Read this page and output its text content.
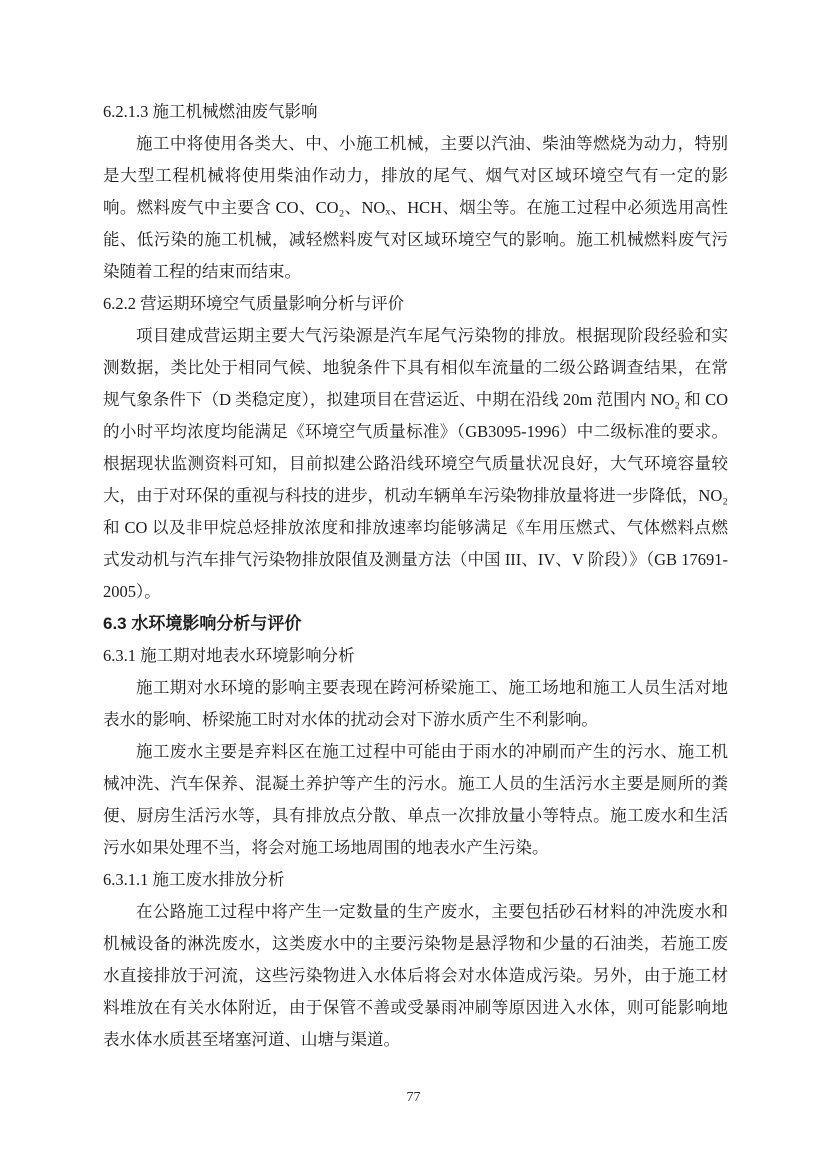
6.2.1.3 施工机械燃油废气影响

施工中将使用各类大、中、小施工机械，主要以汽油、柴油等燃烧为动力，特别是大型工程机械将使用柴油作动力，排放的尾气、烟气对区域环境空气有一定的影响。燃料废气中主要含 CO、CO₂、NOₓ、HCH、烟尘等。在施工过程中必须选用高性能、低污染的施工机械，减轻燃料废气对区域环境空气的影响。施工机械燃料废气污染随着工程的结束而结束。

6.2.2 营运期环境空气质量影响分析与评价

项目建成营运期主要大气污染源是汽车尾气污染物的排放。根据现阶段经验和实测数据，类比处于相同气候、地貌条件下具有相似车流量的二级公路调查结果，在常规气象条件下（D 类稳定度），拟建项目在营运近、中期在沿线 20m 范围内 NO₂ 和 CO 的小时平均浓度均能满足《环境空气质量标准》（GB3095-1996）中二级标准的要求。根据现状监测资料可知，目前拟建公路沿线环境空气质量状况良好，大气环境容量较大，由于对环保的重视与科技的进步，机动车辆单车污染物排放量将进一步降低，NO₂ 和 CO 以及非甲烷总烃排放浓度和排放速率均能够满足《车用压燃式、气体燃料点燃式发动机与汽车排气污染物排放限值及测量方法（中国 III、IV、V 阶段）》（GB 17691-2005）。

6.3 水环境影响分析与评价
6.3.1 施工期对地表水环境影响分析

施工期对水环境的影响主要表现在跨河桥梁施工、施工场地和施工人员生活对地表水的影响、桥梁施工时对水体的扰动会对下游水质产生不利影响。

施工废水主要是弃料区在施工过程中可能由于雨水的冲刷而产生的污水、施工机械冲洗、汽车保养、混凝土养护等产生的污水。施工人员的生活污水主要是厕所的粪便、厨房生活污水等，具有排放点分散、单点一次排放量小等特点。施工废水和生活污水如果处理不当，将会对施工场地周围的地表水产生污染。

6.3.1.1 施工废水排放分析

在公路施工过程中将产生一定数量的生产废水，主要包括砂石材料的冲洗废水和机械设备的淋洗废水，这类废水中的主要污染物是悬浮物和少量的石油类，若施工废水直接排放于河流，这些污染物进入水体后将会对水体造成污染。另外，由于施工材料堆放在有关水体附近，由于保管不善或受暴雨冲刷等原因进入水体，则可能影响地表水体水质甚至堵塞河道、山塘与渠道。

77
